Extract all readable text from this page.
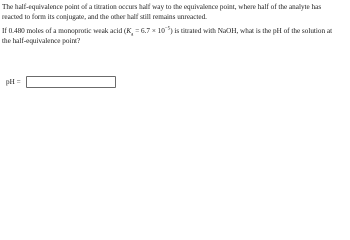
The half-equivalence point of a titration occurs half way to the equivalence point, where half of the analyte has reacted to form its conjugate, and the other half still remains unreacted.

If 0.480 moles of a monoprotic weak acid $(K_a = 6.7 \times 10^{-5})$ is titrated with NaOH, what is the pH of the solution at the half-equivalence point?

pH =
